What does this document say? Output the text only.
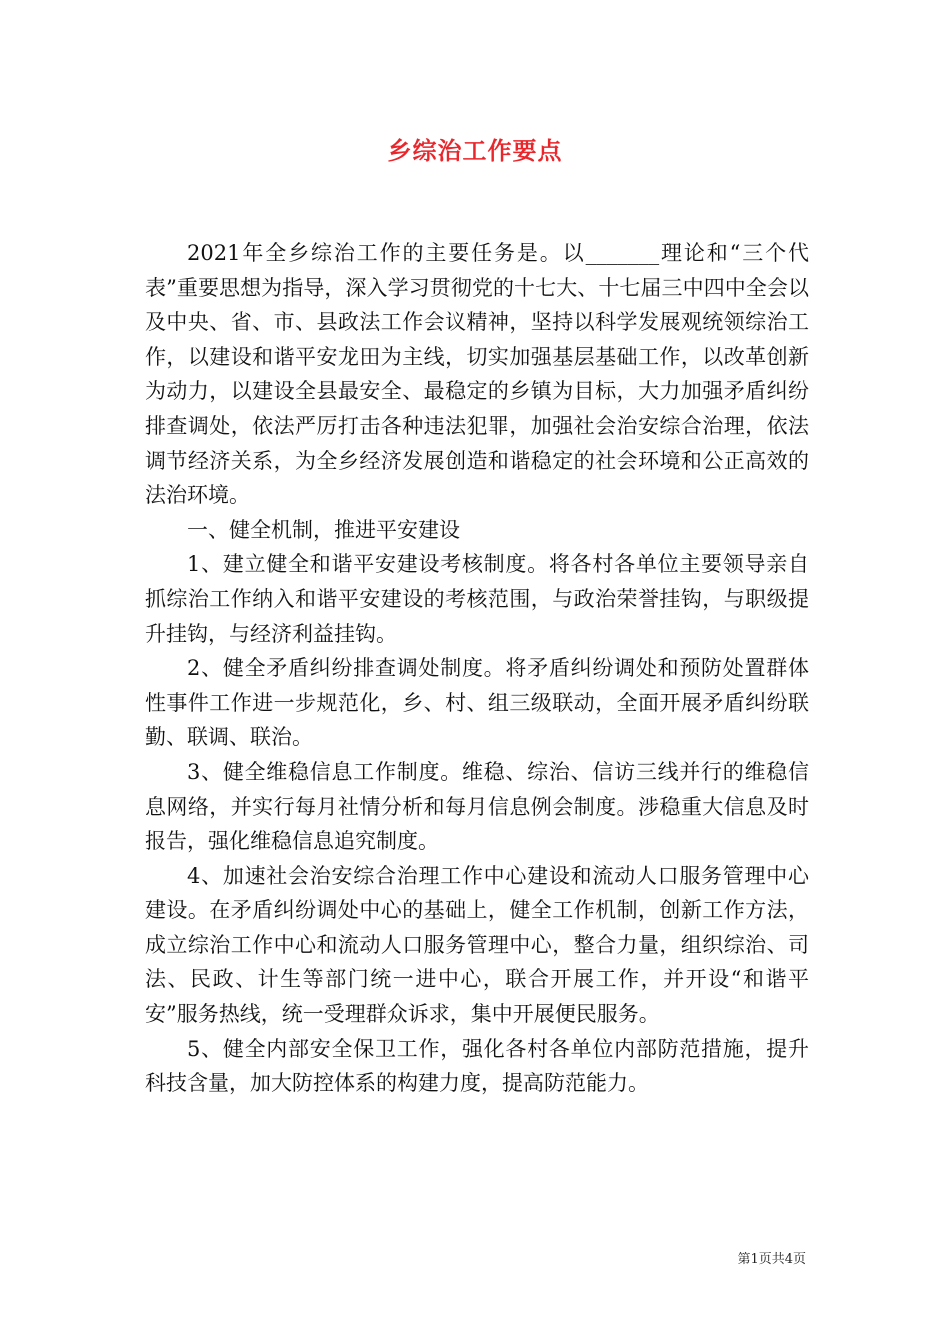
乡综治工作要点

2021年全乡综治工作的主要任务是。以_______理论和“三个代表”重要思想为指导，深入学习贯彻党的十七大、十七届三中四中全会以及中央、省、市、县政法工作会议精神，坚持以科学发展观统领综治工作，以建设和谐平安龙田为主线，切实加强基层基础工作，以改革创新为动力，以建设全县最安全、最稳定的乡镇为目标，大力加强矛盾纠纷排查调处，依法严厉打击各种违法犯罪，加强社会治安综合治理，依法调节经济关系，为全乡经济发展创造和谐稳定的社会环境和公正高效的法治环境。

一、健全机制，推进平安建设

1、建立健全和谐平安建设考核制度。将各村各单位主要领导亲自抓综治工作纳入和谐平安建设的考核范围，与政治荣誉挂钩，与职级提升挂钩，与经济利益挂钩。

2、健全矛盾纠纷排查调处制度。将矛盾纠纷调处和预防处置群体性事件工作进一步规范化，乡、村、组三级联动，全面开展矛盾纠纷联勤、联调、联治。

3、健全维稳信息工作制度。维稳、综治、信访三线并行的维稳信息网络，并实行每月社情分析和每月信息例会制度。涉稳重大信息及时报告，强化维稳信息追究制度。

4、加速社会治安综合治理工作中心建设和流动人口服务管理中心建设。在矛盾纠纷调处中心的基础上，健全工作机制，创新工作方法，成立综治工作中心和流动人口服务管理中心，整合力量，组织综治、司法、民政、计生等部门统一进中心，联合开展工作，并开设“和谐平安”服务热线，统一受理群众诉求，集中开展便民服务。

5、健全内部安全保卫工作，强化各村各单位内部防范措施，提升科技含量，加大防控体系的构建力度，提高防范能力。

第1页共4页
